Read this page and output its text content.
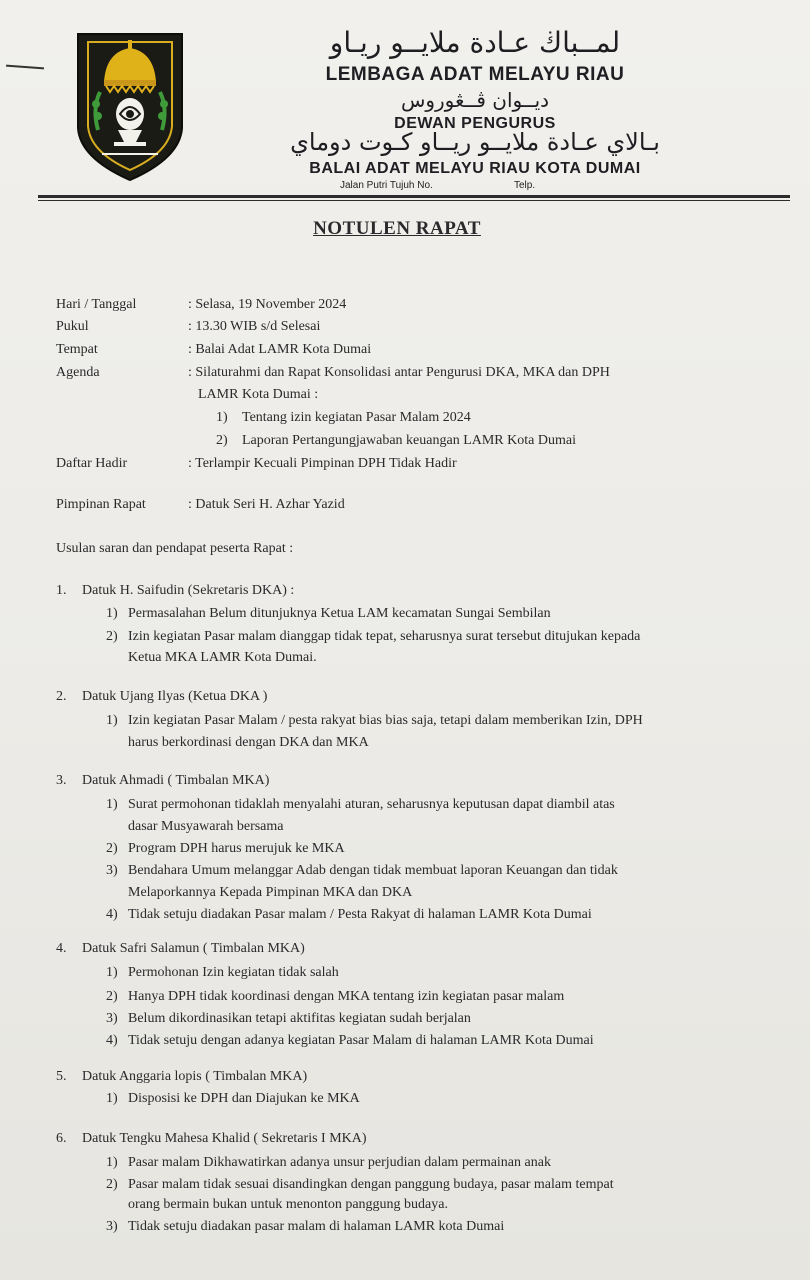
لمــباڬ عـادة ملايــو ريـاو
LEMBAGA ADAT MELAYU RIAU
ديــوان ڤــڠوروس
DEWAN PENGURUS
بـالاي عـادة ملايــو ريــاو كـوت دوماي
BALAI ADAT MELAYU RIAU KOTA DUMAI
Jalan Putri Tujuh No.	Telp.
NOTULEN RAPAT
Hari / Tanggal	: Selasa, 19 November 2024
Pukul	: 13.30 WIB s/d Selesai
Tempat	: Balai Adat LAMR Kota Dumai
Agenda	: Silaturahmi dan Rapat Konsolidasi antar Pengurusi DKA, MKA dan DPH
LAMR Kota Dumai :
1) Tentang izin kegiatan Pasar Malam 2024
2) Laporan Pertangungjawaban keuangan LAMR Kota Dumai
Daftar Hadir	: Terlampir Kecuali Pimpinan DPH Tidak Hadir
Pimpinan Rapat	: Datuk Seri H. Azhar Yazid
Usulan saran dan pendapat peserta Rapat :
1. Datuk H. Saifudin (Sekretaris DKA) :
1) Permasalahan Belum ditunjuknya Ketua LAM kecamatan Sungai Sembilan
2) Izin kegiatan Pasar malam dianggap tidak tepat, seharusnya surat tersebut ditujukan kepada
Ketua MKA LAMR Kota Dumai.
2. Datuk Ujang Ilyas (Ketua DKA )
1) Izin kegiatan Pasar Malam / pesta rakyat bias bias saja, tetapi dalam memberikan Izin, DPH
harus berkordinasi dengan DKA dan MKA
3. Datuk Ahmadi ( Timbalan MKA)
1) Surat permohonan tidaklah menyalahi aturan, seharusnya keputusan dapat diambil atas
dasar Musyawarah bersama
2) Program DPH harus merujuk ke MKA
3) Bendahara Umum melanggar Adab dengan tidak membuat laporan Keuangan dan tidak
Melaporkannya Kepada Pimpinan MKA dan DKA
4) Tidak setuju diadakan Pasar malam / Pesta Rakyat di halaman LAMR Kota Dumai
4. Datuk Safri Salamun ( Timbalan MKA)
1) Permohonan Izin kegiatan tidak salah
2) Hanya DPH tidak koordinasi dengan MKA tentang izin kegiatan pasar malam
3) Belum dikordinasikan tetapi aktifitas kegiatan sudah berjalan
4) Tidak setuju dengan adanya kegiatan Pasar Malam di halaman LAMR Kota Dumai
5. Datuk Anggaria lopis ( Timbalan MKA)
1) Disposisi ke DPH dan Diajukan ke MKA
6. Datuk Tengku Mahesa Khalid ( Sekretaris I MKA)
1) Pasar malam Dikhawatirkan adanya unsur perjudian dalam permainan anak
2) Pasar malam tidak sesuai disandingkan dengan panggung budaya, pasar malam tempat
orang bermain bukan untuk menonton panggung budaya.
3) Tidak setuju diadakan pasar malam di halaman LAMR kota Dumai
